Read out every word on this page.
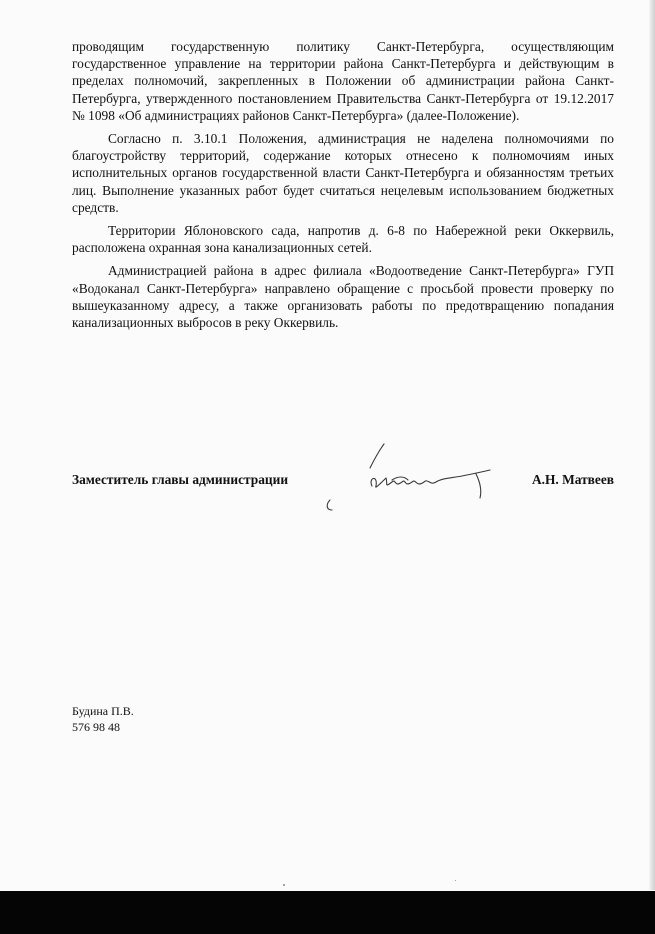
проводящим государственную политику Санкт-Петербурга, осуществляющим государственное управление на территории района Санкт-Петербурга и действующим в пределах полномочий, закрепленных в Положении об администрации района Санкт-Петербурга, утвержденного постановлением Правительства Санкт-Петербурга от 19.12.2017 № 1098 «Об администрациях районов Санкт-Петербурга» (далее-Положение).

Согласно п. 3.10.1 Положения, администрация не наделена полномочиями по благоустройству территорий, содержание которых отнесено к полномочиям иных исполнительных органов государственной власти Санкт-Петербурга и обязанностям третьих лиц. Выполнение указанных работ будет считаться нецелевым использованием бюджетных средств.

Территории Яблоновского сада, напротив д. 6-8 по Набережной реки Оккервиль, расположена охранная зона канализационных сетей.

Администрацией района в адрес филиала «Водоотведение Санкт-Петербурга» ГУП «Водоканал Санкт-Петербурга» направлено обращение с просьбой провести проверку по вышеуказанному адресу, а также организовать работы по предотвращению попадания канализационных выбросов в реку Оккервиль.

Заместитель главы администрации	А.Н. Матвеев
Будина П.В.
576 98 48
